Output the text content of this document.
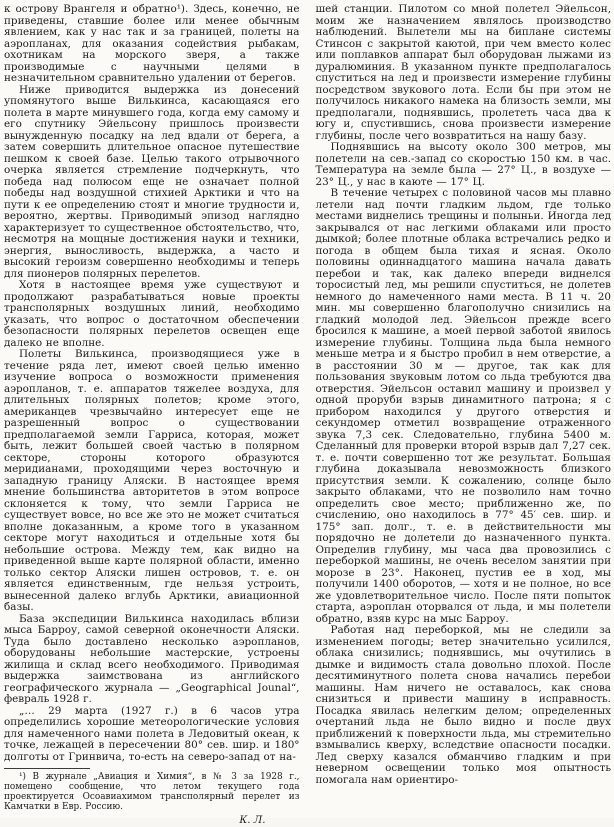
к острову Врангеля и обратно¹). Здесь, конечно, не приведены, ставшие более или менее обычным явлением, как у нас так и за границей, полеты на аэропланах, для оказания содействия рыбакам, охотникам на морского зверя, а также производимые с научными целями в незначительном сравнительно удалении от берегов.

Ниже приводится выдержка из донесений упомянутого выше Вилькинса, касающаяся его полета в марте минувшего года, когда ему самому и его спутнику Эйельсону пришлось произвести вынужденную посадку на лед вдали от берега, а затем совершить длительное опасное путешествие пешком к своей базе. Целью такого отрывочного очерка является стремление подчеркнуть, что победа над полюсом еще не означает полной победы над воздушной стихией Арктики и что на пути к ее определению стоят и многие трудности и, вероятно, жертвы. Приводимый эпизод наглядно характеризует то существенное обстоятельство, что, несмотря на мощные достижения науки и техники, энергия, выносливость, выдержка, а часто и высокий героизм совершенно необходимы и теперь для пионеров полярных перелетов.

Хотя в настоящее время уже существуют и продолжают разрабатываться новые проекты трансполярных воздушных линий, необходимо указать, что вопрос о достаточном обеспечении безопасности полярных перелетов освещен еще далеко не вполне.

Полеты Вилькинса, производящиеся уже в течение ряда лет, имеют своей целью именно изучение вопроса о возможности применения аэропланов, т. е. аппаратов тяжелее воздуха, для длительных полярных полетов; кроме этого, американцев чрезвычайно интересует еще не разрешенный вопрос о существовании предполагаемой земли Гарриса, которая, может быть, лежит большей своей частью в полярном секторе, стороны которого образуются меридианами, проходящими через восточную и западную границу Аляски. В настоящее время мнение большинства авторитетов в этом вопросе склоняется к тому, что земли Гарриса не существует вовсе, но все же это не может считаться вполне доказанным, а кроме того в указанном секторе могут находиться и отдельные хотя бы небольшие острова. Между тем, как видно на приведенной выше карте полярной области, именно только сектор Аляски лишен островов, т. е. он является единственным, где нельзя устроить, вынесенной далеко вглубь Арктики, авиационной базы.

База экспедиции Вилькинса находилась вблизи мыса Барроу, самой северной оконечности Аляски. Туда было доставлено несколько аэропланов, оборудованы небольшие мастерские, устроены жилища и склад всего необходимого. Приводимая выдержка заимствована из английского географического журнала — „Geographical Jounal“, февраль 1928 г.

„… 29 марта (1927 г.) в 6 часов утра определились хорошие метеорологические условия для намеченного нами полета в Ледовитый океан, к точке, лежащей в пересечении 80° сев. шир. и 180° долготы от Гринвича, то-есть на северо-запад от на-

¹) В журнале „Авиация и Химия“, в № 3 за 1928 г., помещено сообщение, что летом текущего года проектируется Осоавиахимом трансполярный перелет из Камчатки в Евр. Россию.

К. Л.

шей станции. Пилотом со мной полетел Эйельсон, моим же назначением являлось производство наблюдений. Вылетели мы на биплане системы Стинсон с закрытой каютой, при чем вместо колес или поплавков аппарат был оборудован лыжами из дуралюминия. В указанном пункте предполагалось спуститься на лед и произвести измерение глубины посредством звукового лота. Если бы при этом не получилось никакого намека на близость земли, мы предполагали, поднявшись, пролететь часа два к югу и, спустившись, снова произвести измерение глубины, после чего возвратиться на нашу базу.

Поднявшись на высоту около 300 метров, мы полетели на сев.-запад со скоростью 150 км. в час. Температура на земле была — 27° Ц., в воздухе — 23° Ц., у нас в каюте — 17° Ц.

В течение четырех с половиной часов мы плавно летели над почти гладким льдом, где только местами виднелись трещины и полыньи. Иногда лед закрывался от нас легкими облаками или просто дымкой; более плотные облака встречались редко и погода в общем была тихая и ясная. Около половины одиннадцатого машина начала давать перебои и так, как далеко впереди виднелся торосистый лед, мы решили спуститься, не долетев немного до намеченного нами места. В 11 ч. 20 мин. мы совершенно благополучно снизились на гладкий молодой лед. Эйельсон прежде всего бросился к машине, а моей первой заботой явилось измерение глубины. Толщина льда была немного меньше метра и я быстро пробил в нем отверстие, а в расстоянии 30 м — другое, так как для пользования звуковым лотом со льда требуются два отверстия. Эйельсон оставил машину и произвел у одной проруби взрыв динамитного патрона; я с прибором находился у другого отверстия и секундомер отметил возвращение отраженного звука 7,3 сек. Следовательно, глубина 5400 м. Сделанный для проверки второй взрыв дал 7,27 сек. т. е. почти совершенно тот же результат. Большая глубина доказывала невозможность близкого присутствия земли. К сожалению, солнце было закрыто облаками, что не позволило нам точно определить свое место; приближенно же, по счислению, оно находилось в 77° 45′ сев. шир. и 175° зап. долг., т. е. в действительности мы порядочно не долетели до назначенного пункта. Определив глубину, мы часа два провозились с переборкой машины, не очень веселом занятии при морозе в 23°. Наконец, пустив ее в ход, мы получили 1400 оборотов, — хотя и не полное, но все же удовлетворительное число. После пяти попыток старта, аэроплан оторвался от льда, и мы полетели обратно, взяв курс на мыс Барроу.

Работая над переборкой, мы не следили за изменением погоды; ветер значительно усилился, облака снизились; поднявшись, мы очутились в дымке и видимость стала довольно плохой. После десятиминутного полета снова начались перебои машины. Нам ничего не оставалось, как снова снизиться и привести машину в исправность. Посадка явилась нелегким делом; определенных очертаний льда не было видно и после двух приближений к поверхности льда, мы стремительно взмывались кверху, вследствие опасности посадки. Лед сверху казался обманчиво гладким и при неверном освещении только моя опытность помогала нам ориентиро-
